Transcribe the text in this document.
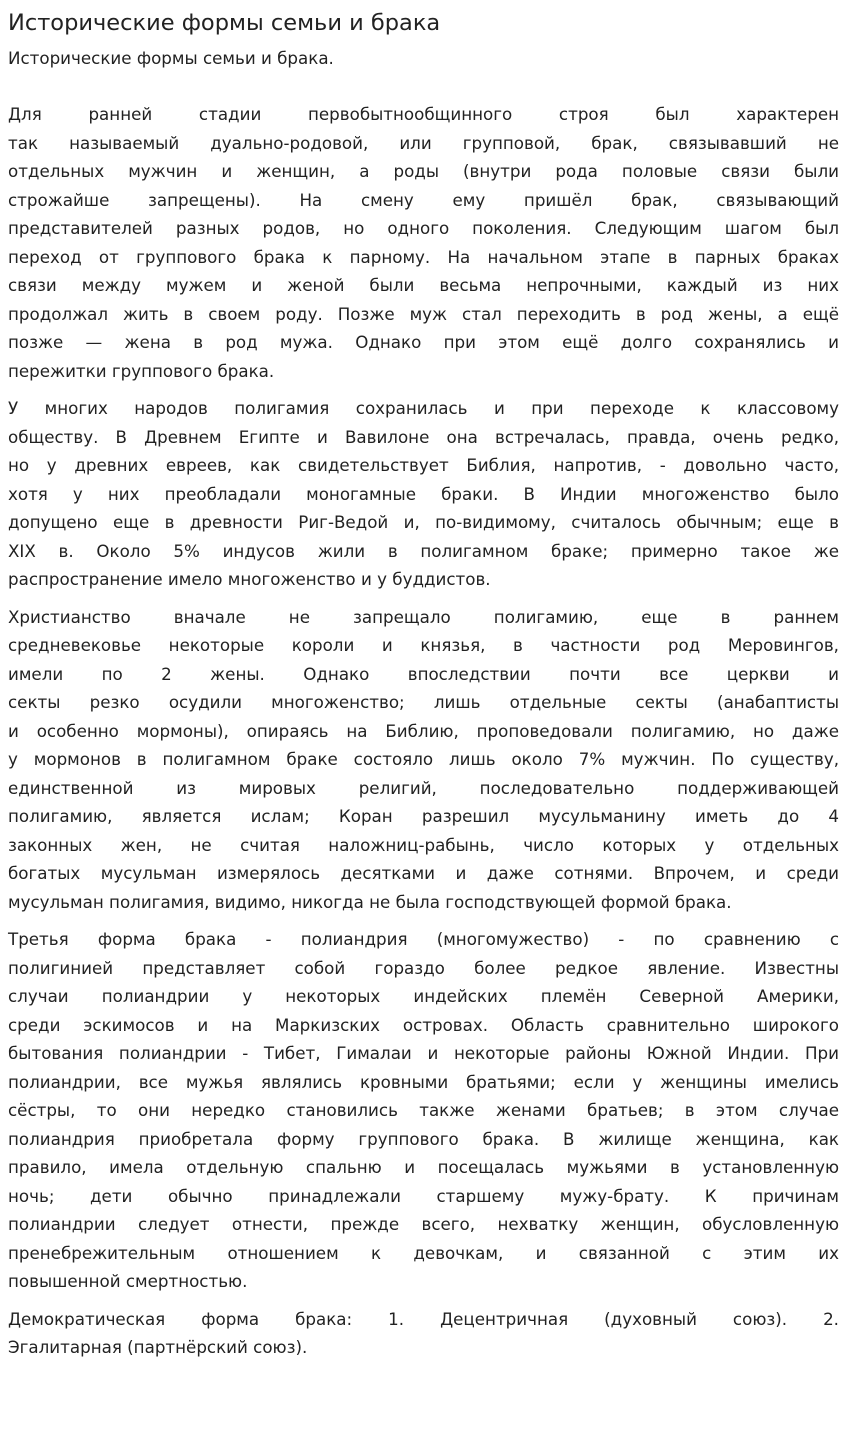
Исторические формы семьи и брака
Исторические формы семьи и брака.
Для ранней стадии первобытнообщинного строя был характерен
так называемый дуально-родовой, или групповой, брак, связывавший не
отдельных мужчин и женщин, а роды (внутри рода половые связи были
строжайше запрещены). На смену ему пришёл брак, связывающий
представителей разных родов, но одного поколения. Следующим шагом был
переход от группового брака к парному. На начальном этапе в парных браках
связи между мужем и женой были весьма непрочными, каждый из них
продолжал жить в своем роду. Позже муж стал переходить в род жены, а ещё
позже — жена в род мужа. Однако при этом ещё долго сохранялись и
пережитки группового брака.
У многих народов полигамия сохранилась и при переходе к классовому
обществу. В Древнем Египте и Вавилоне она встречалась, правда, очень редко,
но у древних евреев, как свидетельствует Библия, напротив, - довольно часто,
хотя у них преобладали моногамные браки. В Индии многоженство было
допущено еще в древности Риг-Ведой и, по-видимому, считалось обычным; еще в
XIX в. Около 5% индусов жили в полигамном браке; примерно такое же
распространение имело многоженство и у буддистов.
Христианство вначале не запрещало полигамию, еще в раннем
средневековье некоторые короли и князья, в частности род Меровингов,
имели по 2 жены. Однако впоследствии почти все церкви и
секты резко осудили многоженство; лишь отдельные секты (анабаптисты
и особенно мормоны), опираясь на Библию, проповедовали полигамию, но даже
у мормонов в полигамном браке состояло лишь около 7% мужчин. По существу,
единственной из мировых религий, последовательно поддерживающей
полигамию, является ислам; Коран разрешил мусульманину иметь до 4
законных жен, не считая наложниц-рабынь, число которых у отдельных
богатых мусульман измерялось десятками и даже сотнями. Впрочем, и среди
мусульман полигамия, видимо, никогда не была господствующей формой брака.
Третья форма брака - полиандрия (многомужество) - по сравнению с
полигинией представляет собой гораздо более редкое явление. Известны
случаи полиандрии у некоторых индейских племён Северной Америки,
среди эскимосов и на Маркизских островах. Область сравнительно широкого
бытования полиандрии - Тибет, Гималаи и некоторые районы Южной Индии. При
полиандрии, все мужья являлись кровными братьями; если у женщины имелись
сёстры, то они нередко становились также женами братьев; в этом случае
полиандрия приобретала форму группового брака. В жилище женщина, как
правило, имела отдельную спальню и посещалась мужьями в установленную
ночь; дети обычно принадлежали старшему мужу-брату. К причинам
полиандрии следует отнести, прежде всего, нехватку женщин, обусловленную
пренебрежительным отношением к девочкам, и связанной с этим их
повышенной смертностью.
Демократическая форма брака: 1. Децентричная (духовный союз). 2.
Эгалитарная (партнёрский союз).
